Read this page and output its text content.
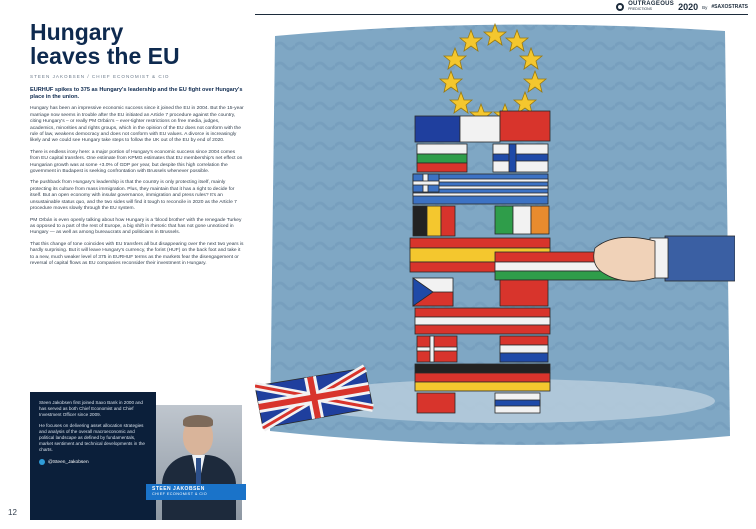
OUTRAGEOUS
PREDICTIONS	2020 By #SAXOSTRATS
Hungary
leaves the EU
STEEN JAKOBSEN / CHIEF ECONOMIST & CIO
EURHUF spikes to 375 as Hungary's leadership and the EU fight over Hungary's place in the union.
Hungary has been an impressive economic success since it joined the EU in 2004. But the 15-year marriage now seems in trouble after the EU initiated an Article 7 procedure against the country, citing Hungary's – or really PM Orbán's – ever-tighter restrictions on free media, judges, academics, minorities and rights groups, which in the opinion of the EU does not conform with the rule of law, weakens democracy and does not conform with EU values. A divorce is increasingly likely and we could see Hungary take steps to follow the UK out of the EU by end of 2020.
There is endless irony here: a major portion of Hungary's economic success since 2004 comes from EU capital transfers. One estimate from KPMG estimates that EU membership's net effect on Hungarian growth was at some +3.0% of GDP per year, but despite this high correlation the government in Budapest is seeking confrontation with Brussels whenever possible.
The pushback from Hungary's leadership is that the country is only protecting itself, mainly protecting its culture from mass immigration. Plus, they maintain that it has a right to decide for itself. But an open economy with insular governance, immigration and press rules? It's an unsustainable status quo, and the two sides will find it tough to reconcile in 2020 as the Article 7 procedure moves slowly through the EU system.
PM Orbán is even openly talking about how Hungary is a 'blood brother' with the renegade Turkey as opposed to a part of the rest of Europe, a big shift in rhetoric that has not gone unnoticed in Hungary — as well as among bureaucrats and politicians in Brussels.
That this change of tone coincides with EU transfers all but disappearing over the next two years is hardly surprising. But it will leave Hungary's currency, the forint (HUF) on the back foot and take it to a new, much weaker level of 375 in EURHUF terms as the markets fear the disengagement or reversal of capital flows as EU companies reconsider their investment in Hungary.

Steen Jakobsen first joined Saxo Bank in 2000 and has served as both Chief Economist and Chief Investment Officer since 2009.

He focuses on delivering asset allocation strategies and analysis of the overall macroeconomic and political landscape as defined by fundamentals, market sentiment and technical developments in the charts.

@Steen_Jakobsen
STEEN JAKOBSEN
CHIEF ECONOMIST & CIO
12
